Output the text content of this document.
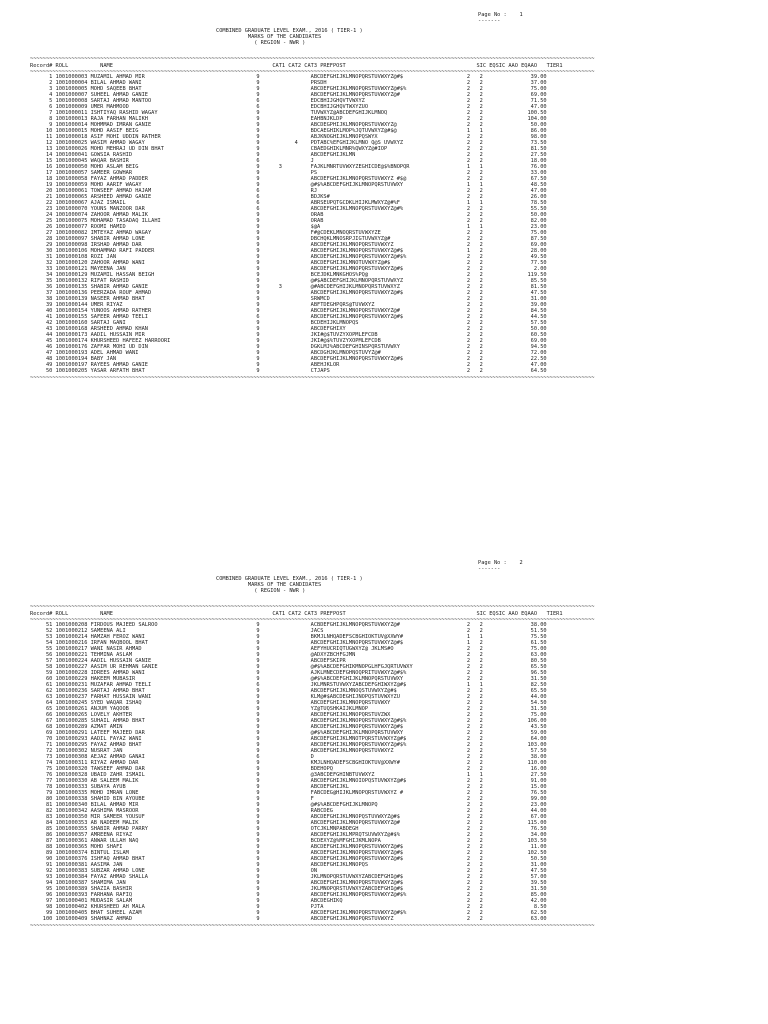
Page No :    1
-------
COMBINED GRADUATE LEVEL EXAM., 2016 ( TIER-1 )
MARKS OF THE CANDIDATES
( REGION - NWR )
~~~~~~~~~~~~~~~~~~~~~~~~~~~~~~~~~~~~~~~~~~~~~~~~~~~~~~~~~~~~~~~~~~~~~~~~~~~~~~~~~~~~~~~~~~~~~~~~~~~~~~~~~~~~~~~~~~~~~~~~~~~~~~~~~~~~~~~~~~~~~~~~~~~~~~~~~~~~~~~~~~~~~~~~~~~~~~~~~
Record# ROLL          NAME                                                  CAT1 CAT2 CAT3 PREFPOST                                         SIC EQSIC AAO EQAAO   TIER1
~~~~~~~~~~~~~~~~~~~~~~~~~~~~~~~~~~~~~~~~~~~~~~~~~~~~~~~~~~~~~~~~~~~~~~~~~~~~~~~~~~~~~~~~~~~~~~~~~~~~~~~~~~~~~~~~~~~~~~~~~~~~~~~~~~~~~~~~~~~~~~~~~~~~~~~~~~~~~~~~~~~~~~~~~~~~~~~~~
1 1001000003 MUZAMIL AHMAD MIR                                   9                ABCDEFGHIJKLMNOPQRSTUVWXYZ@#$                    2   2               39.00
2 1001000004 BILAL AHMAD WANI                                    9                PRSDH                                            2   2               37.00
3 1001000005 MOHD SAQEEB BHAT                                    9                ABCDEFGHIJKLMNOPQRSTUVWXYZ@#$%                   2   2               75.00
4 1001000007 SUHEEL AHMAD GANIE                                  9                ABCDEFGHIJKLMNOPQRSTUVWXYZ@#                     2   2               69.00
5 1001000008 SARTAJ AHMAD MANTOO                                 6                EDCBHIJGHQVTVWXYZ                                2   2               71.50
6 1001000009 UMER MAHMOOD                                        6                EDCBHIJGHQVTWXYZUO                               2   2               47.00
7 1001000011 ISHTIYAQ RASHID WAGAY                               9                TUVWXYZ@ABCDEFGHIJKLMNOQ                         2   2              100.50
8 1001000013 RAJA FARHAN MALIKH                                  9                EAHBNJKLDP                                       2   2              104.00
9 1001000014 MOHMMAD IMRAN GANIE                                 9                ABCDEGPHIJKLMNOPQRSTUVWXYZ@                      2   2               50.00
10 1001000015 MOHD AASIF BEIG                                     9                BDCAEGHIKLMOP%JQTUVWXYZ@#$@                      1   1               86.00
11 1001000018 ASIF MOHI UDDIN RATHER                              9                ABJKNOGHIJKLMNOPQSWYX                            2   2               98.00
12 1001000025 WASIM AHMAD WAGAY                                   9           4    PDTABC%EFGHIJKLMNO Q@S UVWXYZ                    2   2               73.50
13 1001000026 MOHD MEHRAJ UD DIN BHAT                             9                CBAEDGHIKLMNR%QWXYZ@#IOP                         2   2               81.50
14 1001000041 GOWSIA RASHID                                       9                ABCDEFGHIJKLMN                                   2   2               27.50
15 1001000045 WAQAR BASHIR                                        6                J                                                2   2               18.00
16 1001000050 MOHD ASLAM BEIG                                     9      3         FAJKLMNRTUVWXYZEGHICDE@$%BNOPQR                  1   1               76.00
17 1001000057 SAMEER GOWHAR                                       9                PS                                               2   2               33.00
18 1001000058 FAYAZ AHMAD PADDER                                  9                ABCDEFGHIJKLMNOPQRSTUVWXYZ #$@                   2   2               67.50
19 1001000059 MOHD AARIF WAGAY                                    9                @#$%ABCDEFGHIJKLMNOPQRSTUVWXY                    1   1               48.50
20 1001000061 TOWSEEF AHMAD HAJAM                                 6                RJ                                               2   2               47.00
21 1001000065 ARSHEED AHMAD GANIE                                 6                BDJKS#                                           2   2               26.00
22 1001000067 AJAZ ISMAIL                                         6                ABRSEUPQTGCDKLHIJKLMWXYZ@#%F                     1   1               78.50
23 1001000070 YOUNS MANZOOR DAR                                   6                ABCDEFGHIJKLMNOPQRSTUVWXYZ@#%                    2   2               55.50
24 1001000074 ZAHOOR AHMAD MALIK                                  9                ORAB                                             2   2               50.00
25 1001000075 MOHAMAD TASADAQ ILLAHI                              9                ORAB                                             2   2               82.00
26 1001000077 ROOMI HAMID                                         9                $@A                                              1   1               23.00
27 1001000082 IMTEYAZ AHMAD WAGAY                                 9                F#@CDEKLMNOQRSTUVWXYZE                           2   2               75.00
28 1001000097 SHABIR AHMAD LONE                                   9                DBCHQKLMNOSRPJIGTUVWXYZ@#                        2   2               87.50
29 1001000098 IRSHAD AHMAD DAR                                    9                ABCDEFGHIJKLMNOPQRSTUVWXYZ                       2   2               69.00
30 1001000106 MOHAMMAD RAFI PADDER                                9                ABCDEFGHIJKLMNOPQRSTUVWXYZ@#$                    1   2               28.00
31 1001000108 ROZI JAN                                            9                ABCDEFGHIJKLMNOPQRSTUVWXYZ@#$%                   2   2               49.50
32 1001000120 ZAHOOR AHMAD WANI                                   9                ABCDEFGHIJKLMNOTUVWXYZ@#$                        2   2               77.50
33 1001000121 MAYEENA JAN                                         9                ABCDEFGHIJKLMNOPQRSTUVWXYZ@#$                    2   2                2.00
34 1001000129 MUZAMIL HASSAN BEIGH                                9                BCEJDKLMNKGHOS%PQ@                               2   2              119.50
35 1001000132 RIFAT RASHID                                        9                @#$ABCDEFGHIJKLMNOPQRSTUVWXYZ                    2   2               85.50
36 1001000135 SHABIR AHMAD GANIE                                  9      3         @#ABCDEFGHIJKLMNOPQRSTUVWXYZ                     2   2               81.50
37 1001000136 PEERZADA ROUF AHMAD                                 9                ABCDEFGHIJKLMNOPQRSTUVWXYZ@#$                    2   2               47.50
38 1001000139 NASEER AHMAD BHAT                                   9                SRWMCD                                           2   2               31.00
39 1001000144 UMER RIYAZ                                          9                ABFTDEGHPQRS@TUVWXYZ                             2   2               39.00
40 1001000154 YUNOOS AHMAD RATHER                                 9                ABCDEFGHIJKLMNOPQRSTUVWXYZ@#                     2   2               84.50
41 1001000155 SAFEER AHMAD TEELI                                  6                ABCDEFGHIJKLMNOPQRSTUVWXYZ@#$                    2   2               44.50
42 1001000160 SARTAJ GANI                                         9                BCDEHIJKLMNOPQS                                  2   2               57.50
43 1001000168 ARSHEED AHMAD KHAN                                  9                ABCDEFGHIXY                                      2   2               50.00
44 1001000173 AADIL HUSSAIN MIR                                   9                JKI#@$TUVZYXOPMLEFCDB                            2   2               60.50
45 1001000174 KHURSHEED HAFEEZ HARROORI                           9                JKI#@$%TUVZYXOPMLEFCDB                           2   2               69.00
46 1001000176 ZAFFAR MOHI UD DIN                                  9                DGKLMJ%ABCDEFGHINSPQRSTUVWXY                     2   2               94.50
47 1001000193 ADEL AHMAD WANI                                     9                ABCDGHJKLMNOPQSTUVYZ@#                           2   2               72.00
48 1001000194 BABY JAN                                            9                ABCDEFGHIJKLMNOPQRSTUVWXYZ@#$                    2   2               22.50
49 1001000197 RAYEES AHMAD GANIE                                  9                ABEHJKLOR                                        2   2               47.00
50 1001000205 YASAR ARFATH BHAT                                   9                CTJAPS                                           2   2               64.50
~~~~~~~~~~~~~~~~~~~~~~~~~~~~~~~~~~~~~~~~~~~~~~~~~~~~~~~~~~~~~~~~~~~~~~~~~~~~~~~~~~~~~~~~~~~~~~~~~~~~~~~~~~~~~~~~~~~~~~~~~~~~~~~~~~~~~~~~~~~~~~~~~~~~~~~~~~~~~~~~~~~~~~~~~~~~~~~~~
Page No :    2
-------
COMBINED GRADUATE LEVEL EXAM., 2016 ( TIER-1 )
MARKS OF THE CANDIDATES
( REGION - NWR )
~~~~~~~~~~~~~~~~~~~~~~~~~~~~~~~~~~~~~~~~~~~~~~~~~~~~~~~~~~~~~~~~~~~~~~~~~~~~~~~~~~~~~~~~~~~~~~~~~~~~~~~~~~~~~~~~~~~~~~~~~~~~~~~~~~~~~~~~~~~~~~~~~~~~~~~~~~~~~~~~~~~~~~~~~~~~~~~~~
Record# ROLL          NAME                                                  CAT1 CAT2 CAT3 PREFPOST                                         SIC EQSIC AAO EQAAO   TIER1
~~~~~~~~~~~~~~~~~~~~~~~~~~~~~~~~~~~~~~~~~~~~~~~~~~~~~~~~~~~~~~~~~~~~~~~~~~~~~~~~~~~~~~~~~~~~~~~~~~~~~~~~~~~~~~~~~~~~~~~~~~~~~~~~~~~~~~~~~~~~~~~~~~~~~~~~~~~~~~~~~~~~~~~~~~~~~~~~~
51 1001000208 FIRDOUS MAJEED SALROO                               9                ACBDEFGHIJKLMNOPQRSTUVWXYZ@#                     2   2               38.00
52 1001000212 SAMEENA ALI                                         9                JACS                                             2   2               51.50
53 1001000214 HAMZAH FEROZ WANI                                   9                BKMJLNHQADEFSCBGHIOKTUV@XXWY#                    1   1               75.50
54 1001000216 IRFAN MAQBOOL BHAT                                  9                ABCDEFGHIJKLMNOPQRSTUVWXYZ@#$                    1   2               61.50
55 1001000217 WANI NASIR AHMAD                                    9                AEFYHUCRIQTUGWXYZ@ JKLMS#O                       2   2               75.00
56 1001000221 TEHMINA ASLAM                                       9                @ADXYZBCHFGJMN                                   2   2               63.00
57 1001000224 AADIL HUSSAIN GANIE                                 9                ABCDEFSKIPR                                      2   2               80.50
58 1001000227 AASIM UR REHMAN GANIE                               9                @#$%ABCDEFGHIKMNOPGLHFGJQRTUVWXY                 2   2               65.50
59 1001000228 IDREES AHMAD WANI                                   9                AJKLMNECDEFGHNOQPRITUVWXYZ@#$%                   2   2               96.50
60 1001000229 HAKEEM MUBASIR                                      9                @#$%ABCDEFGHIJKLMNOPQRSTUVWXY                    2   2               31.50
61 1001000231 MUZAFAR AHMAD TEELI                                 6                JKLMNRSTUVWXYZABCDEFGHIWXYZ@#$                   1   1               82.50
62 1001000236 SARTAJ AHMAD BHAT                                   9                ABCDEFGHIJKLMNOQSTUVWXYZ@#$                      2   2               65.50
63 1001000237 FARHAT HUSSAIN WANI                                 9                KLM@#$ABCDEGHIJNOPQSTUVWXYZU                     2   2               44.00
64 1001000245 SYED WAQAR ISHAQ                                    9                ABCDEFGHIJKLMNOPQRSTUVWXY                        2   2               54.50
65 1001000261 ANJUM YAQOOB                                        9                YZ@TUQSHKAIJKLMNOP                               2   2               31.50
66 1001000265 LOVELY AKHTER                                       9                ABCDEFGHIJKLMNOPQRSTUVZWX                        2   2               75.00
67 1001000285 SUHAIL AHMAD BHAT                                   9                ABCDEFGHIJKLMNOPQRSTUVWXYZ@#$%                   2   2              106.00
68 1001000289 AZMAT AMIN                                          9                ABCDEFGHIJKLMNOPQRSTUVWXYZ@#$                    2   2               43.50
69 1001000291 LATEEF MAJEED DAR                                   9                @#$%ABCDEFGHIJKLMNOPQRSTUVWXY                    2   2               59.00
70 1001000293 AADIL FAYAZ WANI                                    9                ABCDEFGHIJKLMNOTPQRSTUVWXYZ@#$                   2   2               64.00
71 1001000295 FAYAZ AHMAD BHAT                                    9                ABCDEFGHIJKLMNOPQRSTUVWXYZ@#$%                   2   2              103.00
72 1001000302 NUSRAT JAN                                          9                ABCDEFGHIJKLMNOPQRSTUVWXYZ                       2   2               57.50
73 1001000308 AEJAZ AHMAD GANAI                                   6                D                                                2   2               38.00
74 1001000311 RIYAZ AHMAD DAR                                     9                KMJLNHQADEFSCBGHIOKTUV@XXWY#                     2   2              110.00
75 1001000320 TAWSEEF AHMAD DAR                                   9                BDEHOPQ                                          2   2               16.00
76 1001000328 UBAID ZAHR ISMAIL                                   9                @3ABCDEFGHINBTUVWXYZ                             1   1               27.50
77 1001000330 AB SALEEM MALIK                                     9                ABCDEFGHIJKLMNOIOPQSTUVWXYZ@#$                   2   2               91.00
78 1001000333 SUBAYA AYUB                                         9                ABCDEFGHIJKL                                     2   2               15.00
79 1001000335 MOHD IMRAN LONE                                     9                FABCDEG@HIJKLMNOPQRSTUVWXYZ #                    2   2               76.50
80 1001000338 SHAHID BIN AYOUBE                                   9                F                                                2   2               99.00
81 1001000340 BILAL AHMAD MIR                                     9                @#$%ABCDEFGHIJKLMNOPQ                            2   2               23.00
82 1001000342 AASHIMA MASROOR                                     9                RABCDEG                                          2   2               44.00
83 1001000350 MIR SAMEER YOUSUF                                   9                ABCDEFGHIJKLMNOPQSTUVWXYZ@#$                     2   2               67.00
84 1001000353 AB NADEEM MALIK                                     9                ABCDEFGHIJKLMNOPQRSTUVWXYZ@#                     2   2              115.00
85 1001000355 SHABIR AHMAD PARRY                                  9                OTCJKLMNPABDEGH                                  2   2               76.50
86 1001000357 AMREENA RIYAZ                                       9                ABCDEFGHIJKLMPRQTSUVWXYZ@#$%                     2   2               34.00
87 1001000361 ANWAR ULLAH NAQ                                     9                BCDEXYZ@%MFGHIJKMLNOPA                           2   2              103.50
88 1001000365 MOHD SHAFI                                          9                ABCDEFGHIJKLMNOPQRSTUVWXYZ@#$                    2   2               11.00
89 1001000374 BINTUL ISLAM                                        9                ABCDEFGHIJKLMNOPQRSTUVWXYZ@#$                    2   2              102.50
90 1001000376 ISHFAQ AHMAD BHAT                                   9                ABCDEFGHIJKLMNOPQRSTUVWXYZ@#$                    2   2               50.50
91 1001000381 AASIMA JAN                                          9                ABCDEFGHIJKLMNOPQS                               2   2               31.00
92 1001000383 SUBZAR AHMAD LONE                                   9                ON                                               2   2               47.50
93 1001000384 FAYAZ AHMAD SHALLA                                  9                JKLMNOPQRSTUVWXYZABCDEFGHI@#$                    2   2               57.00
94 1001000387 SHAMIMA JAN                                         9                ABCDEFGHIJKLMNOPQRSTUVWXYZ@#$                    2   2               39.50
95 1001000389 SHAZIA BASHIR                                       9                JKLMNOPQRSTUVWXYZABCDEFGHI@#$                    2   2               31.50
96 1001000393 FARHANA RAFIQ                                       9                ABCDEFGHIJKLMNOPQRSTUVWXYZ@#$%                   2   2               85.00
97 1001000401 MUDASIR SALAM                                       9                ABCDEGHIKQ                                       2   2               42.00
98 1001000402 KHURSHEED AH MALA                                   9                PJTA                                             2   2                8.50
99 1001000405 BHAT SUHEEL AZAM                                    9                ABCDEFGHIJKLMNOPQRSTUVWXYZ@#$%                   2   2               62.50
100 1001000409 SHAHNAZ AHMAD                                       9                ABCDEFGHIJKLMNOPQRSTUVWXYZ                       2   2               63.00
~~~~~~~~~~~~~~~~~~~~~~~~~~~~~~~~~~~~~~~~~~~~~~~~~~~~~~~~~~~~~~~~~~~~~~~~~~~~~~~~~~~~~~~~~~~~~~~~~~~~~~~~~~~~~~~~~~~~~~~~~~~~~~~~~~~~~~~~~~~~~~~~~~~~~~~~~~~~~~~~~~~~~~~~~~~~~~~~~
